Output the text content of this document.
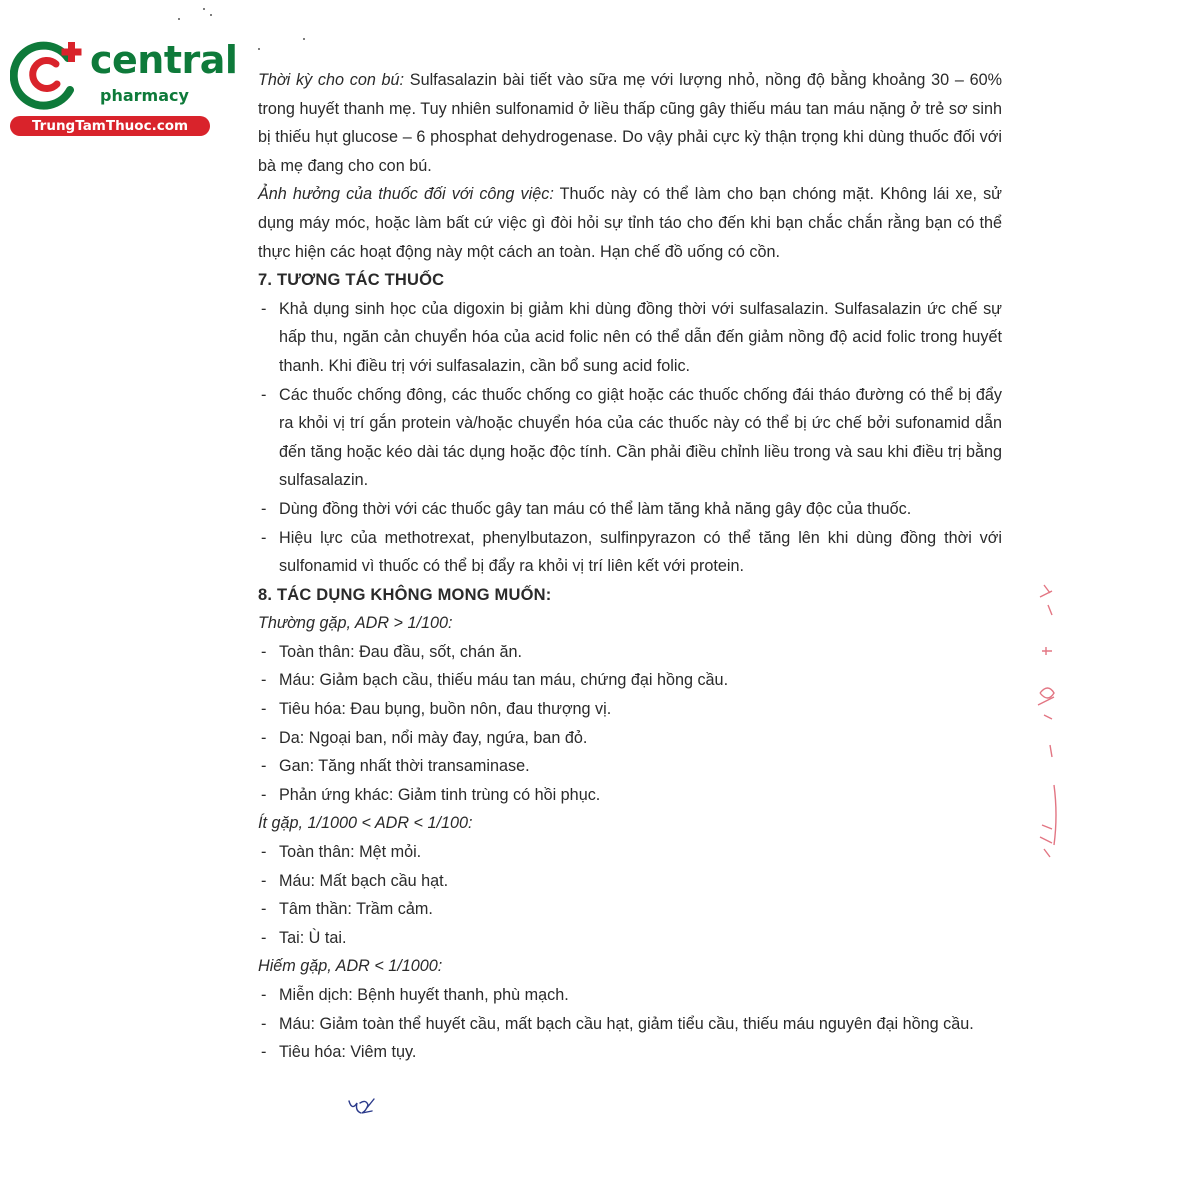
central
pharmacy
TrungTamThuoc.com

Thời kỳ cho con bú: Sulfasalazin bài tiết vào sữa mẹ với lượng nhỏ, nồng độ bằng khoảng 30 – 60% trong huyết thanh mẹ. Tuy nhiên sulfonamid ở liều thấp cũng gây thiếu máu tan máu nặng ở trẻ sơ sinh bị thiếu hụt glucose – 6 phosphat dehydrogenase. Do vậy phải cực kỳ thận trọng khi dùng thuốc đối với bà mẹ đang cho con bú.

Ảnh hưởng của thuốc đối với công việc: Thuốc này có thể làm cho bạn chóng mặt. Không lái xe, sử dụng máy móc, hoặc làm bất cứ việc gì đòi hỏi sự tỉnh táo cho đến khi bạn chắc chắn rằng bạn có thể thực hiện các hoạt động này một cách an toàn. Hạn chế đồ uống có cồn.

7. TƯƠNG TÁC THUỐC

- Khả dụng sinh học của digoxin bị giảm khi dùng đồng thời với sulfasalazin. Sulfasalazin ức chế sự hấp thu, ngăn cản chuyển hóa của acid folic nên có thể dẫn đến giảm nồng độ acid folic trong huyết thanh. Khi điều trị với sulfasalazin, cần bổ sung acid folic.

- Các thuốc chống đông, các thuốc chống co giật hoặc các thuốc chống đái tháo đường có thể bị đẩy ra khỏi vị trí gắn protein và/hoặc chuyển hóa của các thuốc này có thể bị ức chế bởi sufonamid dẫn đến tăng hoặc kéo dài tác dụng hoặc độc tính. Cần phải điều chỉnh liều trong và sau khi điều trị bằng sulfasalazin.

- Dùng đồng thời với các thuốc gây tan máu có thể làm tăng khả năng gây độc của thuốc.

- Hiệu lực của methotrexat, phenylbutazon, sulfinpyrazon có thể tăng lên khi dùng đồng thời với sulfonamid vì thuốc có thể bị đẩy ra khỏi vị trí liên kết với protein.

8. TÁC DỤNG KHÔNG MONG MUỐN:

Thường gặp, ADR > 1/100:

- Toàn thân: Đau đầu, sốt, chán ăn.

- Máu: Giảm bạch cầu, thiếu máu tan máu, chứng đại hồng cầu.

- Tiêu hóa: Đau bụng, buồn nôn, đau thượng vị.

- Da: Ngoại ban, nổi mày đay, ngứa, ban đỏ.

- Gan: Tăng nhất thời transaminase.

- Phản ứng khác: Giảm tinh trùng có hồi phục.

Ít gặp, 1/1000 < ADR < 1/100:

- Toàn thân: Mệt mỏi.

- Máu: Mất bạch cầu hạt.

- Tâm thần: Trầm cảm.

- Tai: Ù tai.

Hiếm gặp, ADR < 1/1000:

- Miễn dịch: Bệnh huyết thanh, phù mạch.

- Máu: Giảm toàn thể huyết cầu, mất bạch cầu hạt, giảm tiểu cầu, thiếu máu nguyên đại hồng cầu.

- Tiêu hóa: Viêm tụy.
